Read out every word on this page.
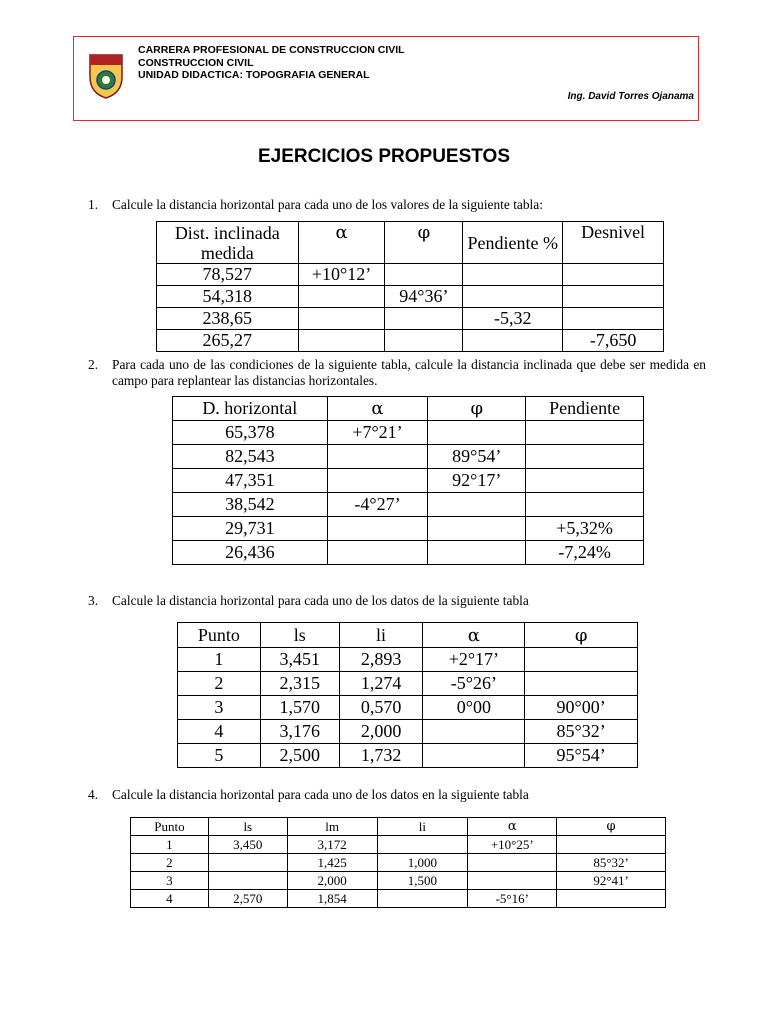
CARRERA PROFESIONAL DE CONSTRUCCION CIVIL
CONSTRUCCION CIVIL
UNIDAD DIDACTICA: TOPOGRAFIA GENERAL
Ing. David Torres Ojanama
EJERCICIOS PROPUESTOS
1. Calcule la distancia horizontal para cada uno de los valores de la siguiente tabla:
Dist. inclinada medida	α	φ	Pendiente %	Desnivel
78,527	+10°12’			
54,318		94°36’		
238,65			-5,32	
265,27				-7,650
2. Para cada uno de las condiciones de la siguiente tabla, calcule la distancia inclinada que debe ser medida en campo para replantear las distancias horizontales.
D. horizontal	α	φ	Pendiente
65,378	+7°21’		
82,543		89°54’	
47,351		92°17’	
38,542	-4°27’		
29,731			+5,32%
26,436			-7,24%
3. Calcule la distancia horizontal para cada uno de los datos de la siguiente tabla
Punto	ls	li	α	φ
1	3,451	2,893	+2°17’	
2	2,315	1,274	-5°26’	
3	1,570	0,570	0°00	90°00’
4	3,176	2,000		85°32’
5	2,500	1,732		95°54’
4. Calcule la distancia horizontal para cada uno de los datos en la siguiente tabla
Punto	ls	lm	li	α	φ
1	3,450	3,172		+10°25’	
2		1,425	1,000		85°32’
3		2,000	1,500		92°41’
4	2,570	1,854		-5°16’	
